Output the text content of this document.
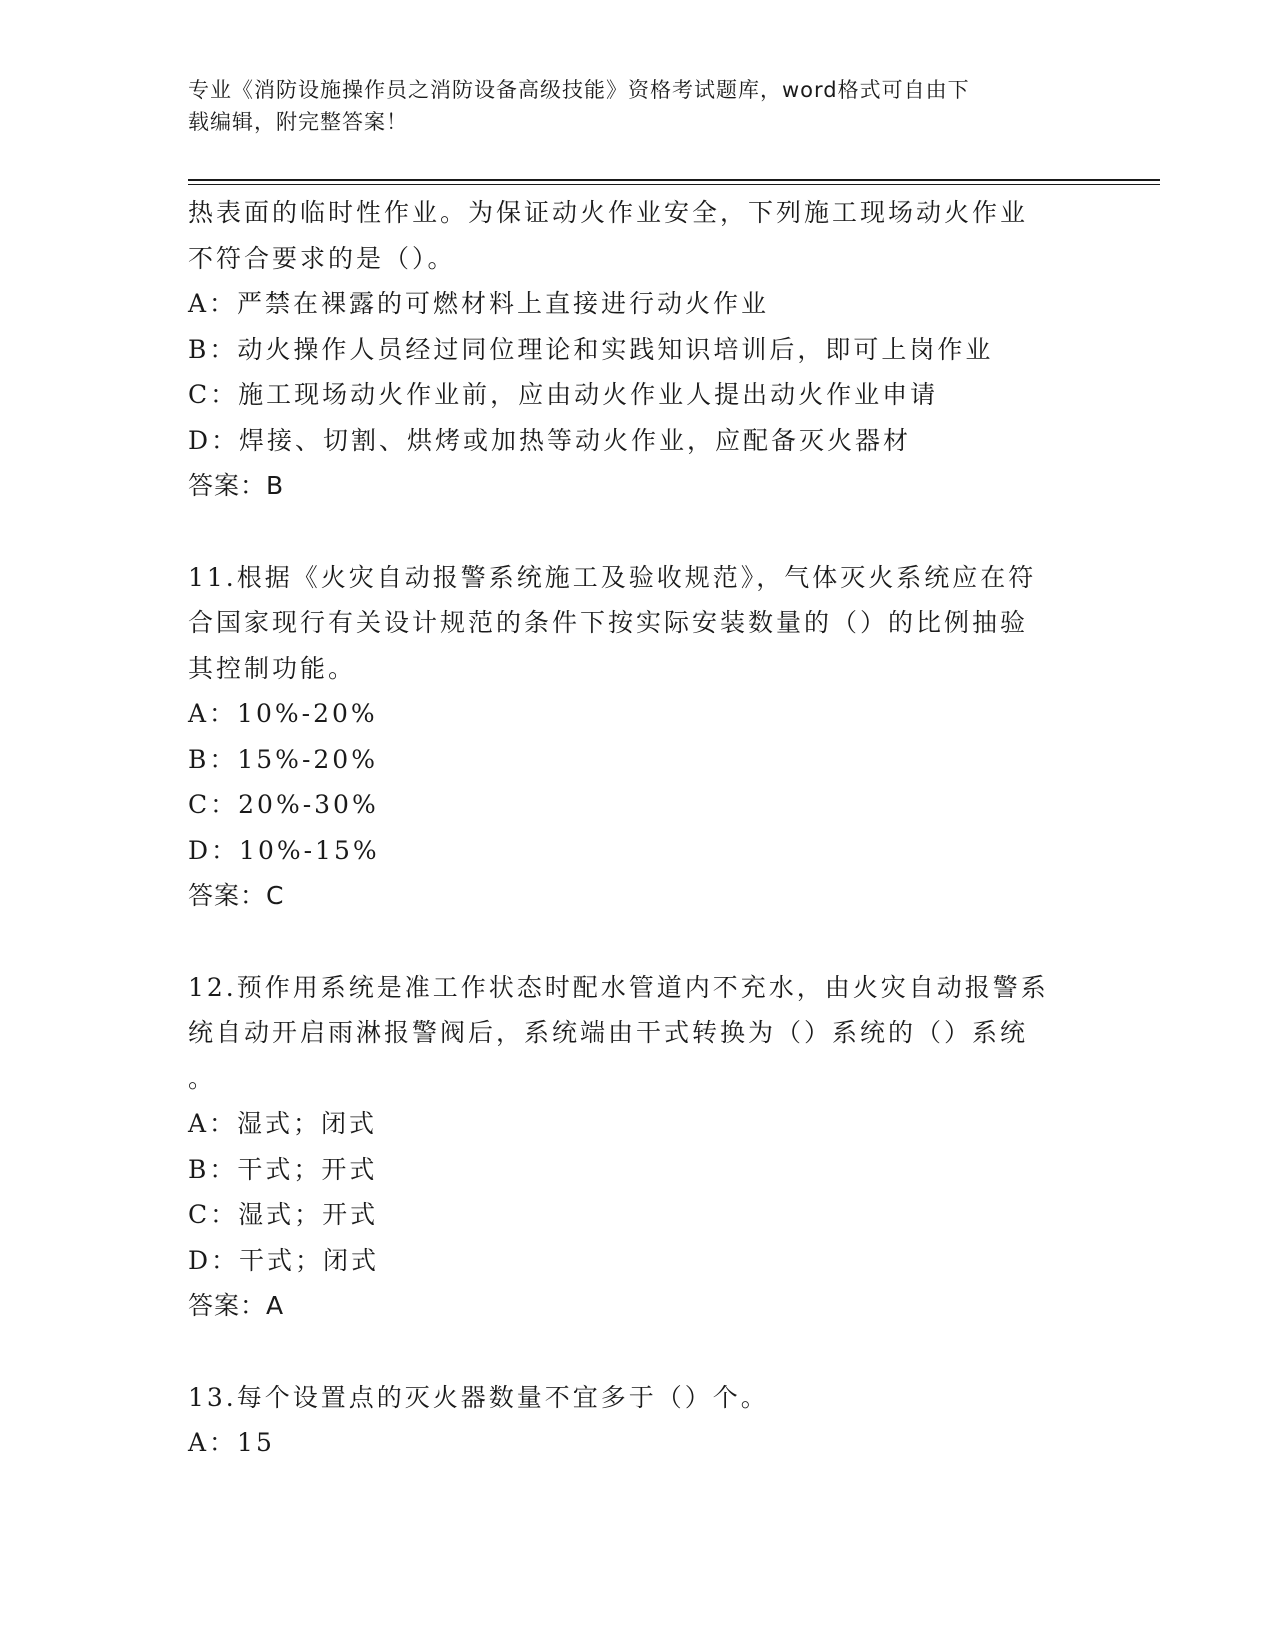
专业《消防设施操作员之消防设备高级技能》资格考试题库，word格式可自由下
载编辑，附完整答案！
热表面的临时性作业。为保证动火作业安全，下列施工现场动火作业
不符合要求的是（）。
A：严禁在裸露的可燃材料上直接进行动火作业
B：动火操作人员经过同位理论和实践知识培训后，即可上岗作业
C：施工现场动火作业前，应由动火作业人提出动火作业申请
D：焊接、切割、烘烤或加热等动火作业，应配备灭火器材
答案：B
11.根据《火灾自动报警系统施工及验收规范》，气体灭火系统应在符
合国家现行有关设计规范的条件下按实际安装数量的（）的比例抽验
其控制功能。
A：10%-20%
B：15%-20%
C：20%-30%
D：10%-15%
答案：C
12.预作用系统是准工作状态时配水管道内不充水，由火灾自动报警系
统自动开启雨淋报警阀后，系统端由干式转换为（）系统的（）系统
。
A：湿式；闭式
B：干式；开式
C：湿式；开式
D：干式；闭式
答案：A
13.每个设置点的灭火器数量不宜多于（）个。
A：15
